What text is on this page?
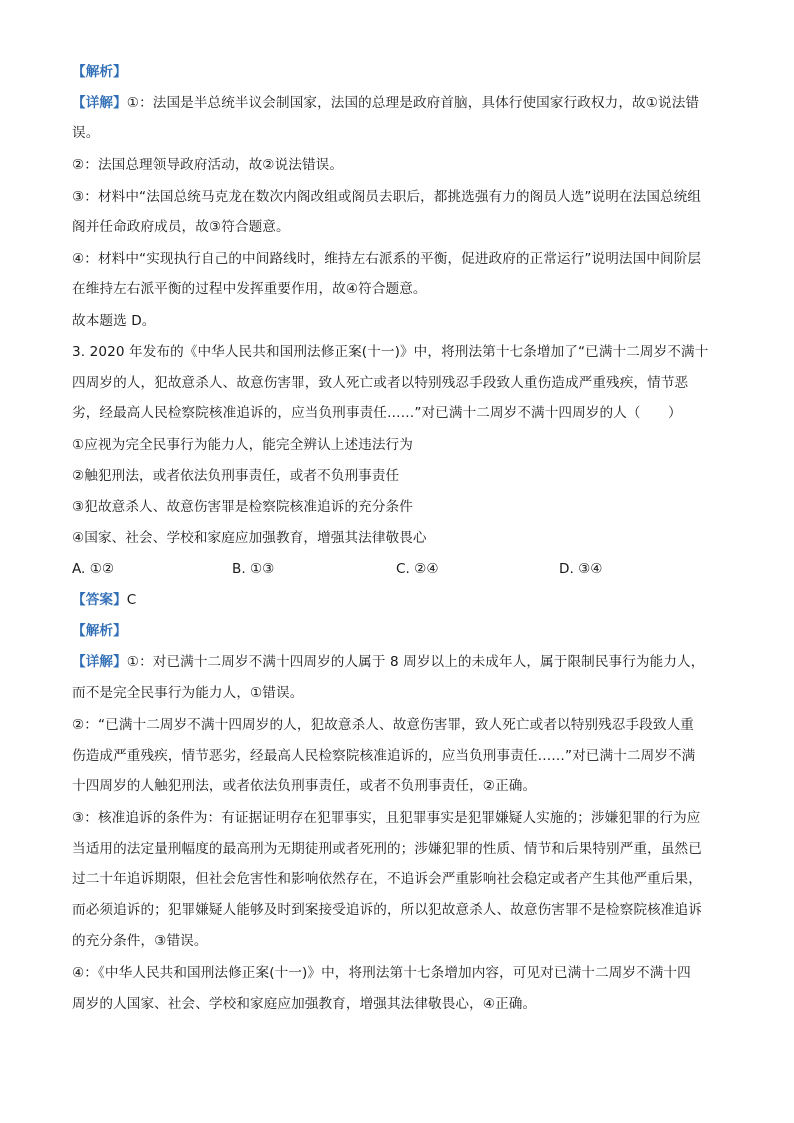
【解析】
【详解】①：法国是半总统半议会制国家，法国的总理是政府首脑，具体行使国家行政权力，故①说法错
误。
②：法国总理领导政府活动，故②说法错误。
③：材料中“法国总统马克龙在数次内阁改组或阁员去职后，都挑选强有力的阁员人选”说明在法国总统组
阁并任命政府成员，故③符合题意。
④：材料中“实现执行自己的中间路线时，维持左右派系的平衡，促进政府的正常运行”说明法国中间阶层
在维持左右派平衡的过程中发挥重要作用，故④符合题意。
故本题选 D。
3. 2020 年发布的《中华人民共和国刑法修正案(十一)》中，将刑法第十七条增加了“已满十二周岁不满十
四周岁的人，犯故意杀人、故意伤害罪，致人死亡或者以特别残忍手段致人重伤造成严重残疾，情节恶
劣，经最高人民检察院核准追诉的，应当负刑事责任……”对已满十二周岁不满十四周岁的人（　　）
①应视为完全民事行为能力人，能完全辨认上述违法行为
②触犯刑法，或者依法负刑事责任，或者不负刑事责任
③犯故意杀人、故意伤害罪是检察院核准追诉的充分条件
④国家、社会、学校和家庭应加强教育，增强其法律敬畏心
A. ①②	B. ①③	C. ②④	D. ③④
【答案】C
【解析】
【详解】①：对已满十二周岁不满十四周岁的人属于 8 周岁以上的未成年人，属于限制民事行为能力人，
而不是完全民事行为能力人，①错误。
②：“已满十二周岁不满十四周岁的人，犯故意杀人、故意伤害罪，致人死亡或者以特别残忍手段致人重
伤造成严重残疾，情节恶劣，经最高人民检察院核准追诉的，应当负刑事责任……”对已满十二周岁不满
十四周岁的人触犯刑法，或者依法负刑事责任，或者不负刑事责任，②正确。
③：核准追诉的条件为：有证据证明存在犯罪事实，且犯罪事实是犯罪嫌疑人实施的；涉嫌犯罪的行为应
当适用的法定量刑幅度的最高刑为无期徒刑或者死刑的；涉嫌犯罪的性质、情节和后果特别严重，虽然已
过二十年追诉期限，但社会危害性和影响依然存在，不追诉会严重影响社会稳定或者产生其他严重后果，
而必须追诉的；犯罪嫌疑人能够及时到案接受追诉的，所以犯故意杀人、故意伤害罪不是检察院核准追诉
的充分条件，③错误。
④：《中华人民共和国刑法修正案(十一)》中，将刑法第十七条增加内容，可见对已满十二周岁不满十四
周岁的人国家、社会、学校和家庭应加强教育，增强其法律敬畏心，④正确。
